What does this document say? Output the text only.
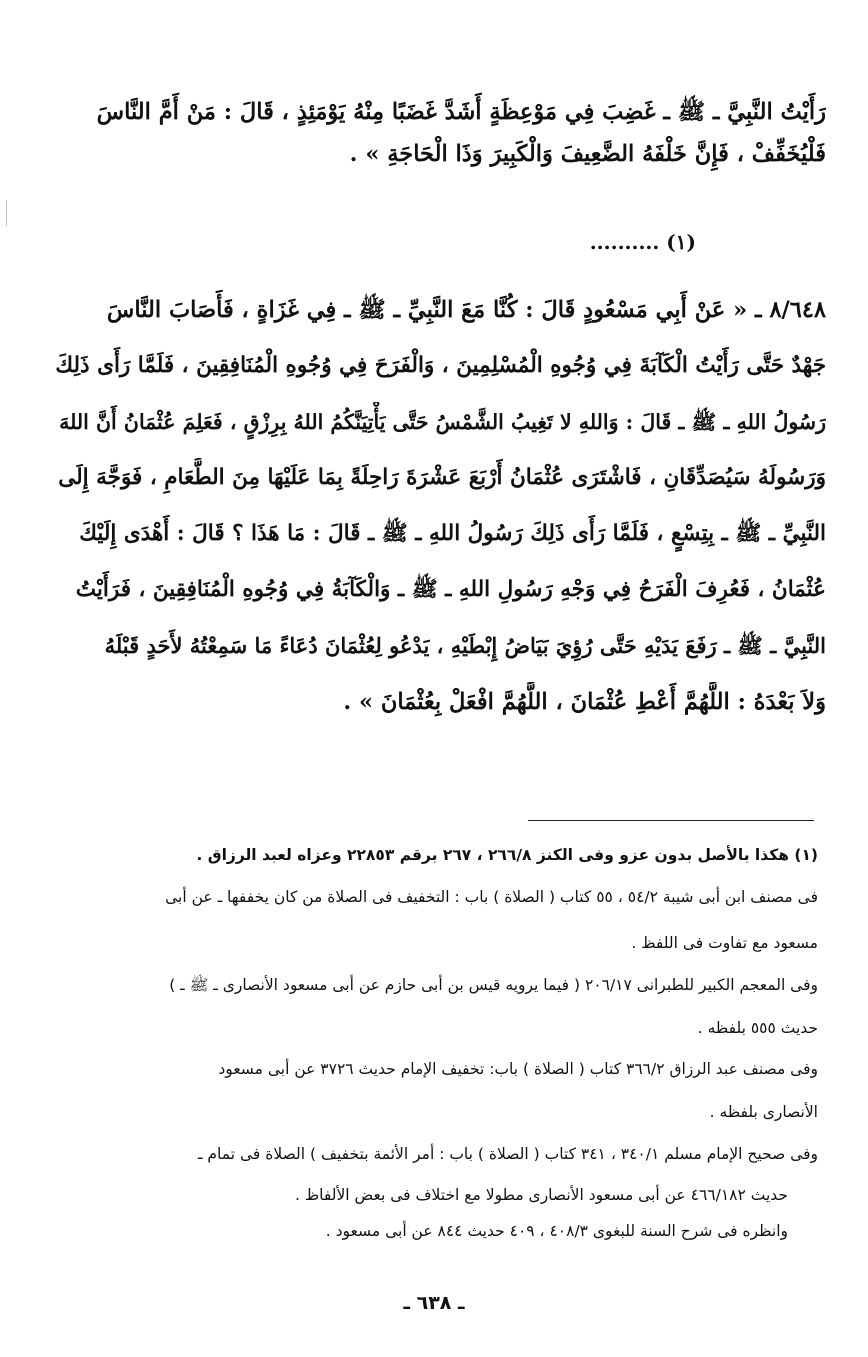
رَأَيْتُ النَّبِيَّ ـ ﷺ ـ غَضِبَ فِي مَوْعِظَةٍ أَشَدَّ غَضَبًا مِنْهُ يَوْمَئِذٍ ، قَالَ : مَنْ أَمَّ النَّاسَ
فَلْيُخَفِّفْ ، فَإِنَّ خَلْفَهُ الضَّعِيفَ وَالْكَبِيرَ وَذَا الْحَاجَةِ » .
(١) ..........
٨/٦٤٨ ـ « عَنْ أَبِي مَسْعُودٍ قَالَ : كُنَّا مَعَ النَّبِيِّ ـ ﷺ ـ فِي غَزَاةٍ ، فَأَصَابَ النَّاسَ
جَهْدٌ حَتَّى رَأَيْتُ الْكَآبَةَ فِي وُجُوهِ الْمُسْلِمِينَ ، وَالْفَرَحَ فِي وُجُوهِ الْمُنَافِقِينَ ، فَلَمَّا رَأَى ذَلِكَ
رَسُولُ اللهِ ـ ﷺ ـ قَالَ : وَاللهِ لا تَغِيبُ الشَّمْسُ حَتَّى يَأْتِيَنَّكُمُ اللهُ بِرِزْقٍ ، فَعَلِمَ عُثْمَانُ أَنَّ اللهَ
وَرَسُولَهُ سَيُصَدِّقَانِ ، فَاشْتَرَى عُثْمَانُ أَرْبَعَ عَشْرَةَ رَاحِلَةً بِمَا عَلَيْهَا مِنَ الطَّعَامِ ، فَوَجَّهَ إِلَى
النَّبِيِّ ـ ﷺ ـ بِتِسْعٍ ، فَلَمَّا رَأَى ذَلِكَ رَسُولُ اللهِ ـ ﷺ ـ قَالَ : مَا هَذَا ؟ قَالَ : أَهْدَى إِلَيْكَ
عُثْمَانُ ، فَعُرِفَ الْفَرَحُ فِي وَجْهِ رَسُولِ اللهِ ـ ﷺ ـ وَالْكَآبَةُ فِي وُجُوهِ الْمُنَافِقِينَ ، فَرَأَيْتُ
النَّبِيَّ ـ ﷺ ـ رَفَعَ يَدَيْهِ حَتَّى رُؤِيَ بَيَاضُ إِبْطَيْهِ ، يَدْعُو لِعُثْمَانَ دُعَاءً مَا سَمِعْتُهُ لأَحَدٍ قَبْلَهُ
وَلاَ بَعْدَهُ : اللَّهُمَّ أَعْطِ عُثْمَانَ ، اللَّهُمَّ افْعَلْ بِعُثْمَانَ » .
(١) هكذا بالأصل بدون عزو وفى الكنز ٢٦٦/٨ ، ٢٦٧ برقم ٢٢٨٥٣ وعزاه لعبد الرزاق .
فى مصنف ابن أبى شيبة ٥٤/٢ ، ٥٥ كتاب ( الصلاة ) باب : التخفيف فى الصلاة من كان يخففها ـ عن أبى
مسعود مع تفاوت فى اللفظ .
وفى المعجم الكبير للطبرانى ٢٠٦/١٧ ( فيما يرويه قيس بن أبى حازم عن أبى مسعود الأنصارى ـ ﷺ ـ )
حديث ٥٥٥ بلفظه .
وفى مصنف عبد الرزاق ٣٦٦/٢ كتاب ( الصلاة ) باب: تخفيف الإمام حديث ٣٧٢٦ عن أبى مسعود
الأنصارى بلفظه .
وفى صحيح الإمام مسلم ٣٤٠/١ ، ٣٤١ كتاب ( الصلاة ) باب : أمر الأئمة بتخفيف ) الصلاة فى تمام ـ
حديث ٤٦٦/١٨٢ عن أبى مسعود الأنصارى مطولا مع اختلاف فى بعض الألفاظ .
وانظره فى شرح السنة للبغوى ٤٠٨/٣ ، ٤٠٩ حديث ٨٤٤ عن أبى مسعود .
ـ ٦٣٨ ـ
